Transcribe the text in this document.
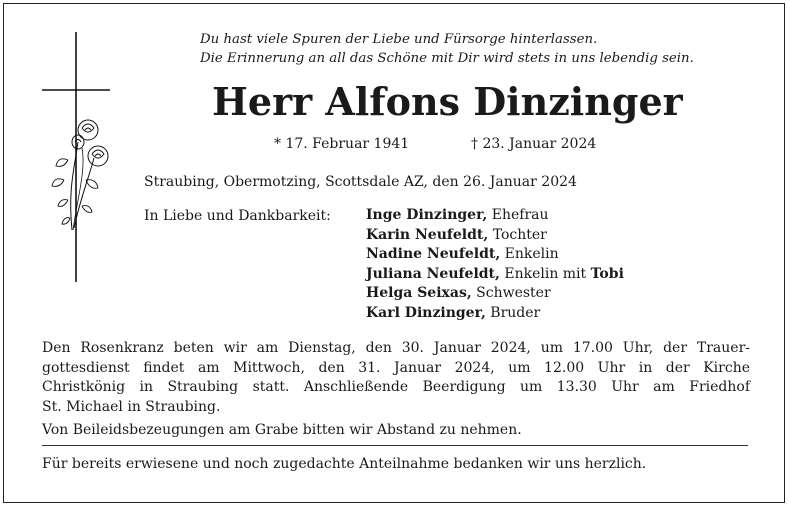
Du hast viele Spuren der Liebe und Fürsorge hinterlassen.
Die Erinnerung an all das Schöne mit Dir wird stets in uns lebendig sein.
Herr Alfons Dinzinger
* 17. Februar 1941	† 23. Januar 2024
Straubing, Obermotzing, Scottsdale AZ, den 26. Januar 2024
In Liebe und Dankbarkeit:	Inge Dinzinger, Ehefrau
Karin Neufeldt, Tochter
Nadine Neufeldt, Enkelin
Juliana Neufeldt, Enkelin mit Tobi
Helga Seixas, Schwester
Karl Dinzinger, Bruder
Den Rosenkranz beten wir am Dienstag, den 30. Januar 2024, um 17.00 Uhr, der Trauer-
gottesdienst findet am Mittwoch, den 31. Januar 2024, um 12.00 Uhr in der Kirche
Christkönig in Straubing statt. Anschließende Beerdigung um 13.30 Uhr am Friedhof
St. Michael in Straubing.
Von Beileidsbezeugungen am Grabe bitten wir Abstand zu nehmen.
Für bereits erwiesene und noch zugedachte Anteilnahme bedanken wir uns herzlich.
